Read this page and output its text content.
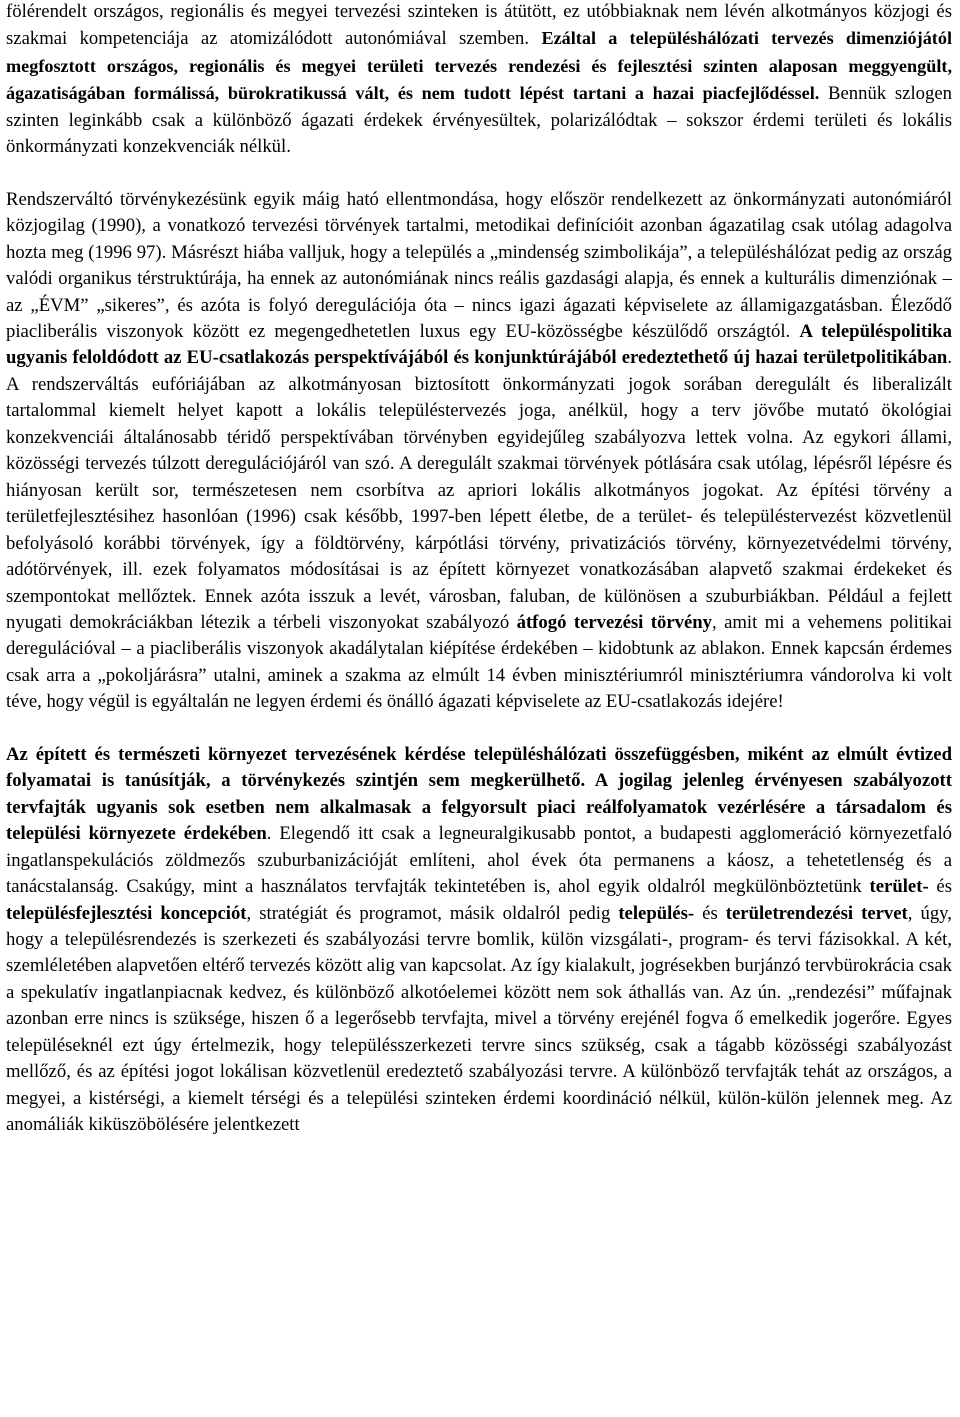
fölérendelt országos, regionális és megyei tervezési szinteken is átütött, ez utóbbiaknak nem lévén alkotmányos közjogi és szakmai kompetenciája az atomizálódott autonómiával szemben. Ezáltal a településhálózati tervezés dimenziójától megfosztott országos, regionális és megyei területi tervezés rendezési és fejlesztési szinten alaposan meggyengült, ágazatiságában formálissá, bürokratikussá vált, és nem tudott lépést tartani a hazai piacfejlődéssel. Bennük szlogen szinten leginkább csak a különböző ágazati érdekek érvényesültek, polarizálódtak – sokszor érdemi területi és lokális önkormányzati konzekvenciák nélkül.

Rendszerváltó törvénykezésünk egyik máig ható ellentmondása, hogy először rendelkezett az önkormányzati autonómiáról közjogilag (1990), a vonatkozó tervezési törvények tartalmi, metodikai definícióit azonban ágazatilag csak utólag adagolva hozta meg (1996 97). Másrészt hiába valljuk, hogy a település a „mindenség szimbolikája”, a településhálózat pedig az ország valódi organikus térstruktúrája, ha ennek az autonómiának nincs reális gazdasági alapja, és ennek a kulturális dimenziónak – az „ÉVM” „sikeres”, és azóta is folyó deregulációja óta – nincs igazi ágazati képviselete az államigazgatásban. Éleződő piacliberális viszonyok között ez megengedhetetlen luxus egy EU-közösségbe készülődő országtól. A településpolitika ugyanis feloldódott az EU-csatlakozás perspektívájából és konjunktúrájából eredeztethető új hazai területpolitikában. A rendszerváltás eufóriájában az alkotmányosan biztosított önkormányzati jogok sorában deregulált és liberalizált tartalommal kiemelt helyet kapott a lokális településtervezés joga, anélkül, hogy a terv jövőbe mutató ökológiai konzekvenciái általánosabb téridő perspektívában törvényben egyidejűleg szabályozva lettek volna. Az egykori állami, közösségi tervezés túlzott deregulációjáról van szó. A deregulált szakmai törvények pótlására csak utólag, lépésről lépésre és hiányosan került sor, természetesen nem csorbítva az apriori lokális alkotmányos jogokat. Az építési törvény a területfejlesztésihez hasonlóan (1996) csak később, 1997-ben lépett életbe, de a terület- és településtervezést közvetlenül befolyásoló korábbi törvények, így a földtörvény, kárpótlási törvény, privatizációs törvény, környezetvédelmi törvény, adótörvények, ill. ezek folyamatos módosításai is az épített környezet vonatkozásában alapvető szakmai érdekeket és szempontokat mellőztek. Ennek azóta isszuk a levét, városban, faluban, de különösen a szuburbiákban. Például a fejlett nyugati demokráciákban létezik a térbeli viszonyokat szabályozó átfogó tervezési törvény, amit mi a vehemens politikai deregulációval – a piacliberális viszonyok akadálytalan kiépítése érdekében – kidobtunk az ablakon. Ennek kapcsán érdemes csak arra a „pokoljárásra” utalni, aminek a szakma az elmúlt 14 évben minisztériumról minisztériumra vándorolva ki volt téve, hogy végül is egyáltalán ne legyen érdemi és önálló ágazati képviselete az EU-csatlakozás idejére!

Az épített és természeti környezet tervezésének kérdése településhálózati összefüggésben, miként az elmúlt évtized folyamatai is tanúsítják, a törvénykezés szintjén sem megkerülhető. A jogilag jelenleg érvényesen szabályozott tervfajták ugyanis sok esetben nem alkalmasak a felgyorsult piaci reálfolyamatok vezérlésére a társadalom és települési környezete érdekében. Elegendő itt csak a legneuralgikusabb pontot, a budapesti agglomeráció környezetfaló ingatlanspekulációs zöldmezős szuburbanizációját említeni, ahol évek óta permanens a káosz, a tehetetlenség és a tanácstalanság. Csakúgy, mint a használatos tervfajták tekintetében is, ahol egyik oldalról megkülönböztetünk terület- és településfejlesztési koncepciót, stratégiát és programot, másik oldalról pedig település- és területrendezési tervet, úgy, hogy a településrendezés is szerkezeti és szabályozási tervre bomlik, külön vizsgálati-, program- és tervi fázisokkal. A két, szemléletében alapvetően eltérő tervezés között alig van kapcsolat. Az így kialakult, jogrésekben burjánzó tervbürokrácia csak a spekulatív ingatlanpiacnak kedvez, és különböző alkotóelemei között nem sok áthallás van. Az ún. „rendezési” műfajnak azonban erre nincs is szüksége, hiszen ő a legerősebb tervfajta, mivel a törvény erejénél fogva ő emelkedik jogerőre. Egyes településeknél ezt úgy értelmezik, hogy településszerkezeti tervre sincs szükség, csak a tágabb közösségi szabályozást mellőző, és az építési jogot lokálisan közvetlenül eredeztető szabályozási tervre. A különböző tervfajták tehát az országos, a megyei, a kistérségi, a kiemelt térségi és a települési szinteken érdemi koordináció nélkül, külön-külön jelennek meg. Az anomáliák kiküszöbölésére jelentkezett
